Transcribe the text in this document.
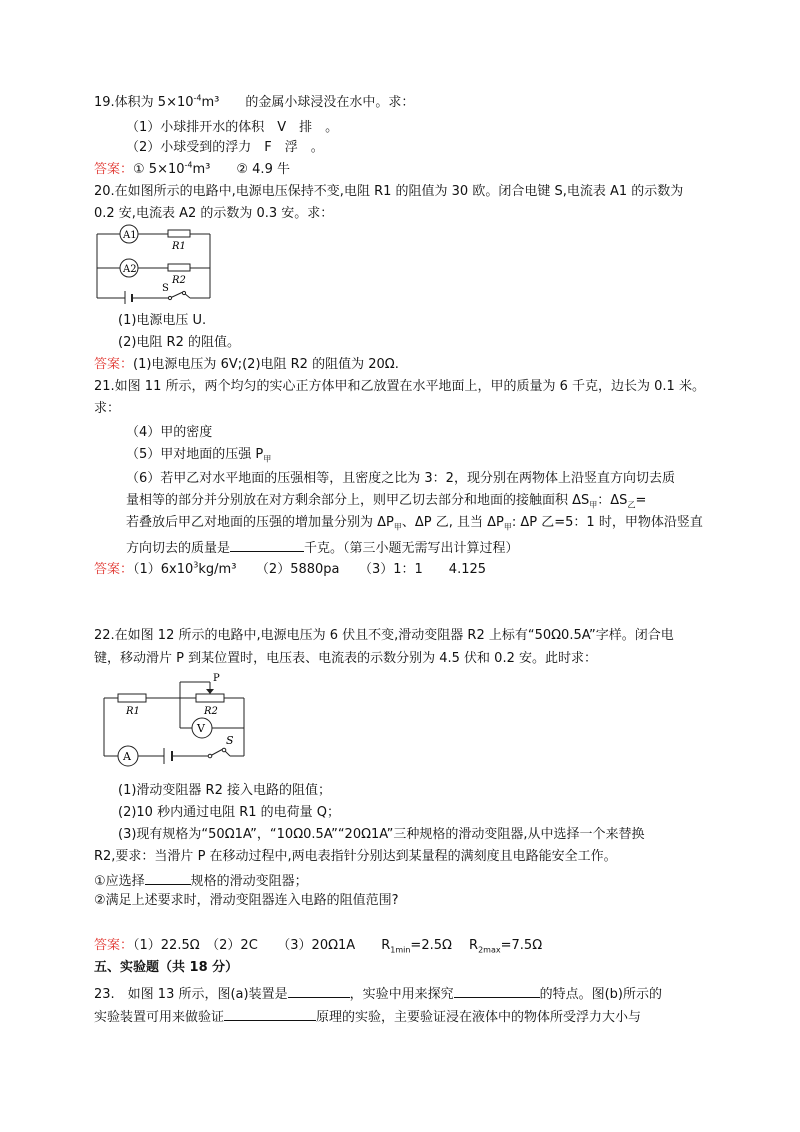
19.体积为 $5\times 10^{-4}m^3$　　的金属小球浸没在水中。求：
（1）小球排开水的体积　V　排　。
（2）小球受到的浮力　F　浮　。
答案：① $5\times 10^{-4}m^3$　　② 4.9 牛
20.在如图所示的电路中,电源电压保持不变,电阻 R1 的阻值为 30 欧。闭合电键 S,电流表 A1 的示数为
0.2 安,电流表 A2 的示数为 0.3 安。求：
A1
A2
R1
R2
S
(1)电源电压 U.
(2)电阻 R2 的阻值。
答案：(1)电源电压为 6V;(2)电阻 R2 的阻值为 20Ω.
21.如图 11 所示，两个均匀的实心正方体甲和乙放置在水平地面上，甲的质量为 6 千克，边长为 0.1 米。
求：
（4）甲的密度
（5）甲对地面的压强 $P_甲$
（6）若甲乙对水平地面的压强相等，且密度之比为 3：2，现分别在两物体上沿竖直方向切去质
量相等的部分并分别放在对方剩余部分上，则甲乙切去部分和地面的接触面积 $\Delta S_甲$：$\Delta S_乙=$
若叠放后甲乙对地面的压强的增加量分别为 $\Delta P_甲$、ΔP 乙, 且当 $\Delta P_甲$: ΔP 乙=5：1 时，甲物体沿竖直
方向切去的质量是	千克。（第三小题无需写出计算过程）
答案：$(1)6x10^3kg/m^3$　　（2）5880pa　　（3）1：1　　4.125
22.在如图 12 所示的电路中,电源电压为 6 伏且不变,滑动变阻器 R2 上标有“50Ω0.5A”字样。闭合电
键，移动滑片 P 到某位置时，电压表、电流表的示数分别为 4.5 伏和 0.2 安。此时求：
P
R1	R2
V
A
S
(1)滑动变阻器 R2 接入电路的阻值；
(2)10 秒内通过电阻 R1 的电荷量 Q；
(3)现有规格为“50Ω1A”，“10Ω0.5A”“20Ω1A”三种规格的滑动变阻器,从中选择一个来替换
R2,要求：当滑片 P 在移动过程中,两电表指针分别达到某量程的满刻度且电路能安全工作。
①应选择	规格的滑动变阻器；
②满足上述要求时，滑动变阻器连入电路的阻值范围?
答案：（1）22.5Ω　（2）2C　　（3）20Ω1A　　$R_{1min}=2.5\Omega$　 $R_{2max}=7.5\Omega$
五、实验题（共 18 分）
23.　如图 13 所示，图(a)装置是	，实验中用来探究	的特点。图(b)所示的
实验装置可用来做验证	原理的实验，主要验证浸在液体中的物体所受浮力大小与
